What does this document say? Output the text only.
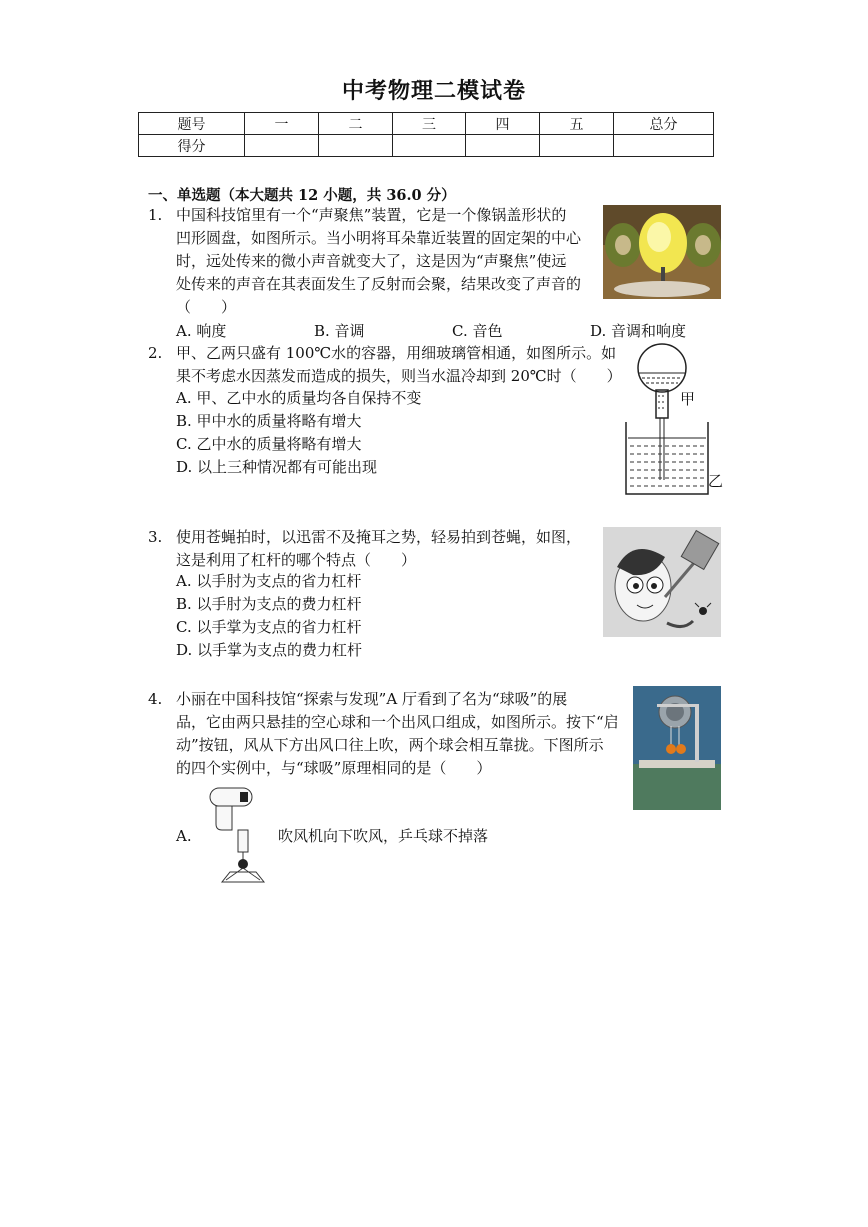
中考物理二模试卷
题号	一	二	三	四	五	总分
得分						
一、单选题（本大题共 12 小题，共 36.0 分）
1. 中国科技馆里有一个“声聚焦”装置，它是一个像锅盖形状的
凹形圆盘，如图所示。当小明将耳朵靠近装置的固定架的中心
时，远处传来的微小声音就变大了，这是因为“声聚焦”使远
处传来的声音在其表面发生了反射而会聚，结果改变了声音的
（　　）
A. 响度	B. 音调	C. 音色	D. 音调和响度
2. 甲、乙两只盛有 100℃水的容器，用细玻璃管相通，如图所示。如
果不考虑水因蒸发而造成的损失，则当水温冷却到 20℃时（　　）
A. 甲、乙中水的质量均各自保持不变
B. 甲中水的质量将略有增大
C. 乙中水的质量将略有增大
D. 以上三种情况都有可能出现
甲
乙
3. 使用苍蝇拍时，以迅雷不及掩耳之势，轻易拍到苍蝇，如图，
这是利用了杠杆的哪个特点（　　）
A. 以手肘为支点的省力杠杆
B. 以手肘为支点的费力杠杆
C. 以手掌为支点的省力杠杆
D. 以手掌为支点的费力杠杆
4. 小丽在中国科技馆“探索与发现”A 厅看到了名为“球吸”的展
品，它由两只悬挂的空心球和一个出风口组成，如图所示。按下“启
动”按钮，风从下方出风口往上吹，两个球会相互靠拢。下图所示
的四个实例中，与“球吸”原理相同的是（　　）
A.	吹风机向下吹风，乒乓球不掉落
